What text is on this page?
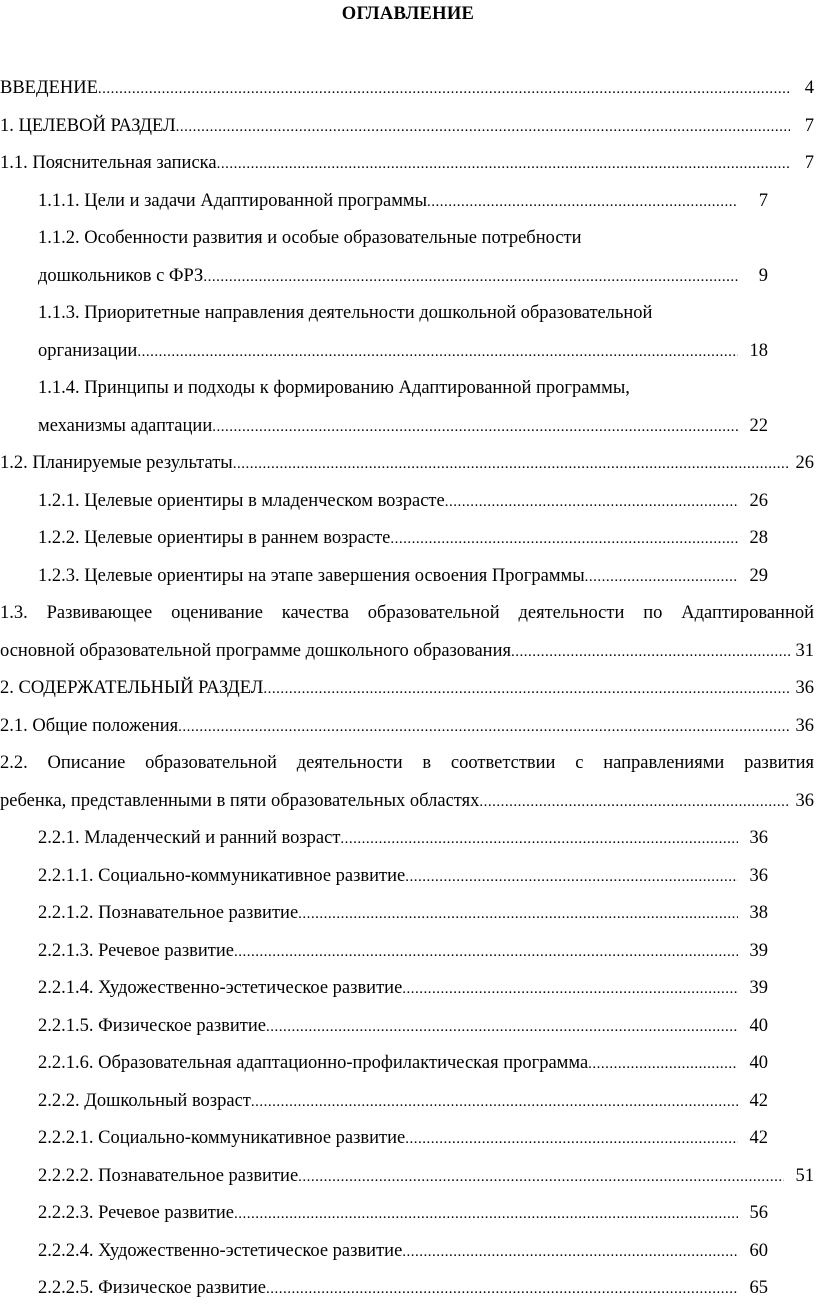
ОГЛАВЛЕНИЕ
ВВЕДЕНИЕ .....	4
1. ЦЕЛЕВОЙ РАЗДЕЛ .....	7
1.1. Пояснительная записка .....	7
1.1.1. Цели и задачи Адаптированной программы .....	7
1.1.2. Особенности развития и особые образовательные потребности
дошкольников с ФРЗ .....	9
1.1.3. Приоритетные направления деятельности дошкольной образовательной
организации .....	18
1.1.4. Принципы и подходы к формированию Адаптированной программы,
механизмы адаптации .....	22
1.2. Планируемые результаты .....	26
1.2.1. Целевые ориентиры в младенческом возрасте .....	26
1.2.2. Целевые ориентиры в раннем возрасте .....	28
1.2.3. Целевые ориентиры на этапе завершения освоения Программы .....	29
1.3. Развивающее оценивание качества образовательной деятельности по Адаптированной
основной образовательной программе дошкольного образования .....	31
2. СОДЕРЖАТЕЛЬНЫЙ РАЗДЕЛ .....	36
2.1. Общие положения .....	36
2.2. Описание образовательной деятельности в соответствии с направлениями развития
ребенка, представленными в пяти образовательных областях .....	36
2.2.1. Младенческий и ранний возраст .....	36
2.2.1.1. Социально-коммуникативное развитие .....	36
2.2.1.2. Познавательное развитие .....	38
2.2.1.3. Речевое развитие .....	39
2.2.1.4. Художественно-эстетическое развитие .....	39
2.2.1.5. Физическое развитие .....	40
2.2.1.6. Образовательная адаптационно-профилактическая программа .....	40
2.2.2. Дошкольный возраст .....	42
2.2.2.1. Социально-коммуникативное развитие .....	42
2.2.2.2. Познавательное развитие .....	51
2.2.2.3. Речевое развитие .....	56
2.2.2.4. Художественно-эстетическое развитие .....	60
2.2.2.5. Физическое развитие .....	65
